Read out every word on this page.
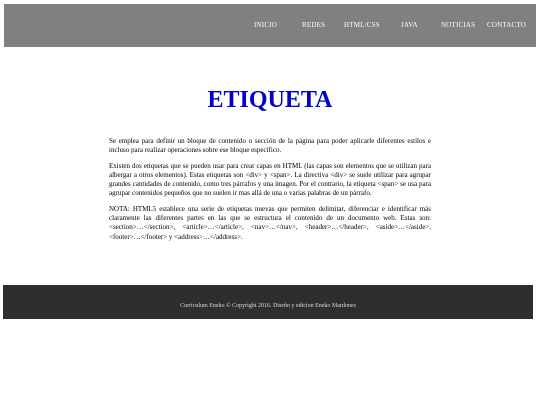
INICIO	REDES	HTML/CSS	JAVA	NOTICIAS CONTACTO
ETIQUETA

Se emplea para definir un bloque de contenido o sección de la página para poder aplicarle diferentes estilos e incluso para realizar operaciones sobre ese bloque específico.

Existen dos etiquetas que se pueden usar para crear capas en HTML (las capas son elementos que se utilizan para albergar a otros elementos). Estas etiquetas son <div> y <span>. La directiva <div> se suele utilizar para agrupar grandes cantidades de contenido, como tres párrafos y una imagen. Por el contrario, la etiqueta <span> se usa para agrupar contenidos pequeños que no suelen ir mas allá de una o varias palabras de un párrafo.

NOTA: HTML5 establece una serie de etiquetas nuevas que permiten delimitar, diferenciar e identificar más claramente las diferentes partes en las que se estructura el contenido de un documento web. Estas son: <section>…</section>, <article>…</article>, <nav>…</nav>, <header>…</header>, <aside>…</aside>, <footer>…</footer> y <address>…</address>.

Curriculum Eneko © Copyright 2016. Diseño y edicion Eneko Mardones
